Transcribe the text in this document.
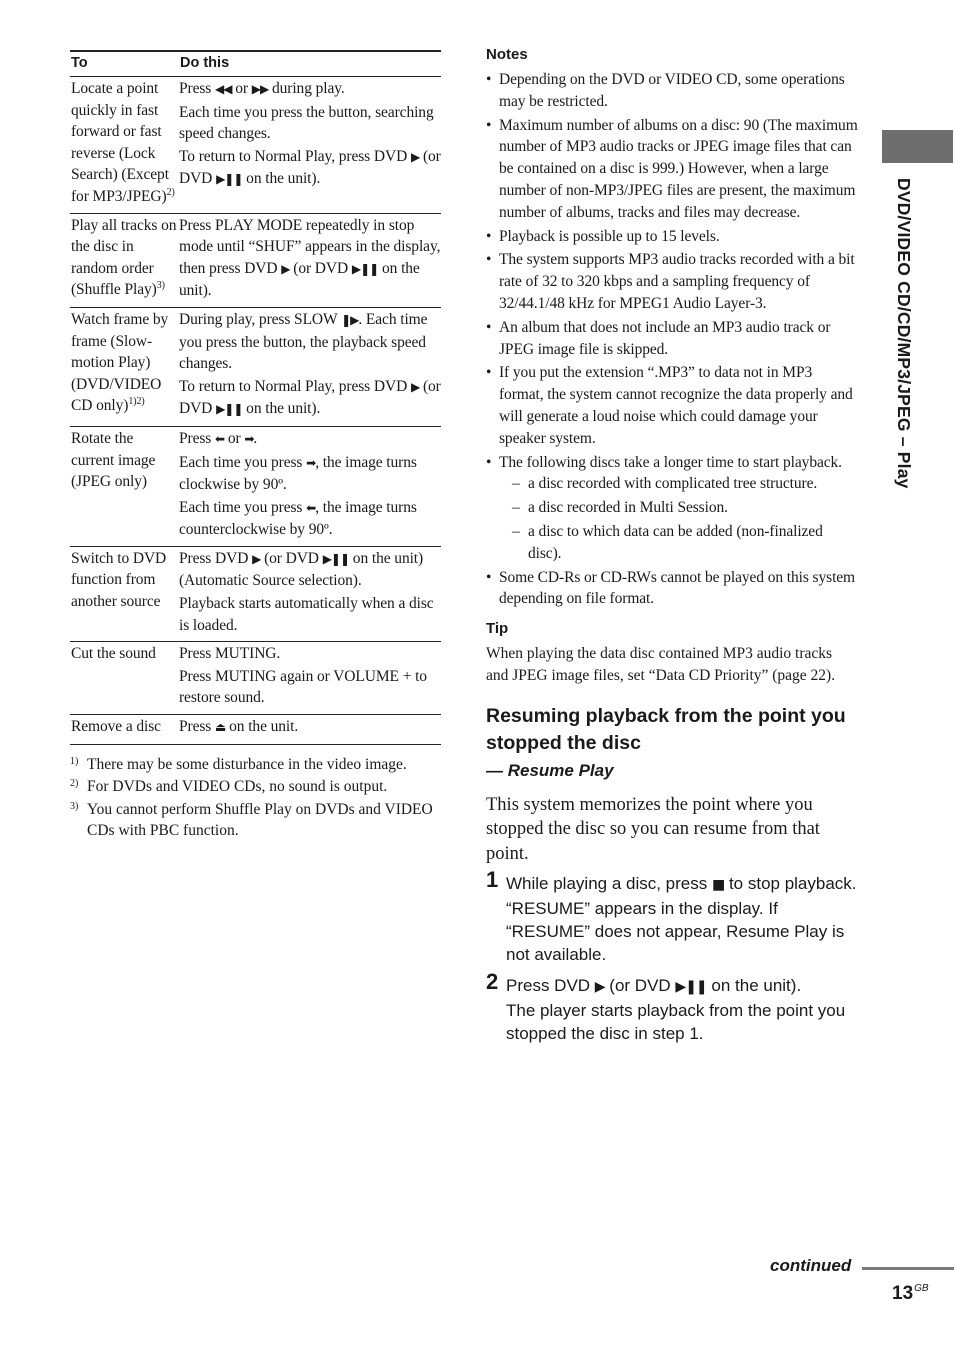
To	Do this
Locate a point quickly in fast forward or fast reverse (Lock Search) (Except for MP3/JPEG)$^{2)}$	Press ◀◀ or ▶▶ during play.
Each time you press the button, searching speed changes.
To return to Normal Play, press DVD ▶ (or DVD ▶❚❚ on the unit).

Play all tracks on the disc in random order (Shuffle Play)$^{3)}$	Press PLAY MODE repeatedly in stop mode until “SHUF” appears in the display, then press DVD ▶ (or DVD ▶❚❚ on the unit).

Watch frame by frame (Slow-motion Play) (DVD/VIDEO CD only)$^{1)2)}$	During play, press SLOW ❚▶. Each time you press the button, the playback speed changes.
To return to Normal Play, press DVD ▶ (or DVD ▶❚❚ on the unit).

Rotate the current image (JPEG only)	Press ⬅ or ➡.
Each time you press ➡, the image turns clockwise by 90º.
Each time you press ⬅, the image turns counterclockwise by 90º.

Switch to DVD function from another source	Press DVD ▶ (or DVD ▶❚❚ on the unit) (Automatic Source selection).
Playback starts automatically when a disc is loaded.

Cut the sound	Press MUTING.
Press MUTING again or VOLUME + to restore sound.

Remove a disc	Press ⏏ on the unit.
1) There may be some disturbance in the video image.
2) For DVDs and VIDEO CDs, no sound is output.
3) You cannot perform Shuffle Play on DVDs and VIDEO CDs with PBC function.
Notes
• Depending on the DVD or VIDEO CD, some operations may be restricted.
• Maximum number of albums on a disc: 90 (The maximum number of MP3 audio tracks or JPEG image files that can be contained on a disc is 999.) However, when a large number of non-MP3/JPEG files are present, the maximum number of albums, tracks and files may decrease.
• Playback is possible up to 15 levels.
• The system supports MP3 audio tracks recorded with a bit rate of 32 to 320 kbps and a sampling frequency of 32/44.1/48 kHz for MPEG1 Audio Layer-3.
• An album that does not include an MP3 audio track or JPEG image file is skipped.
• If you put the extension “.MP3” to data not in MP3 format, the system cannot recognize the data properly and will generate a loud noise which could damage your speaker system.
• The following discs take a longer time to start playback.
– a disc recorded with complicated tree structure.
– a disc recorded in Multi Session.
– a disc to which data can be added (non-finalized disc).
• Some CD-Rs or CD-RWs cannot be played on this system depending on file format.
Tip
When playing the data disc contained MP3 audio tracks and JPEG image files, set “Data CD Priority” (page 22).
Resuming playback from the point you stopped the disc
— Resume Play
This system memorizes the point where you stopped the disc so you can resume from that point.
1 While playing a disc, press ■ to stop playback.
“RESUME” appears in the display. If “RESUME” does not appear, Resume Play is not available.
2 Press DVD ▶ (or DVD ▶❚❚ on the unit).
The player starts playback from the point you stopped the disc in step 1.
DVD/VIDEO CD/CD/MP3/JPEG – Play
continued
$13^{GB}$
